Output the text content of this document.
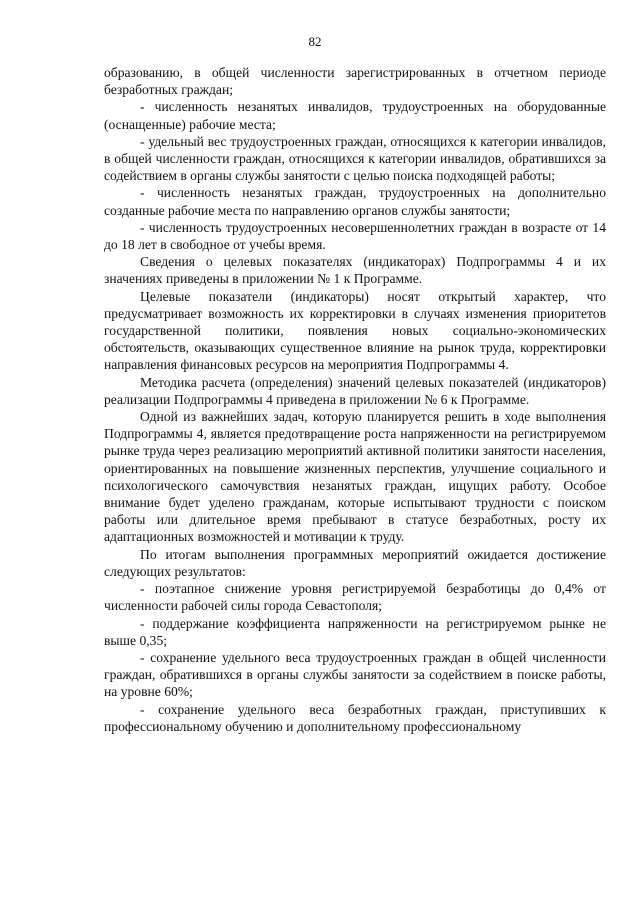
82

образованию, в общей численности зарегистрированных в отчетном периоде безработных граждан;

- численность незанятых инвалидов, трудоустроенных на оборудованные (оснащенные) рабочие места;

- удельный вес трудоустроенных граждан, относящихся к категории инвалидов, в общей численности граждан, относящихся к категории инвалидов, обратившихся за содействием в органы службы занятости с целью поиска подходящей работы;

- численность незанятых граждан, трудоустроенных на дополнительно созданные рабочие места по направлению органов службы занятости;

- численность трудоустроенных несовершеннолетних граждан в возрасте от 14 до 18 лет в свободное от учебы время.

Сведения о целевых показателях (индикаторах) Подпрограммы 4 и их значениях приведены в приложении № 1 к Программе.

Целевые показатели (индикаторы) носят открытый характер, что предусматривает возможность их корректировки в случаях изменения приоритетов государственной политики, появления новых социально-экономических обстоятельств, оказывающих существенное влияние на рынок труда, корректировки направления финансовых ресурсов на мероприятия Подпрограммы 4.

Методика расчета (определения) значений целевых показателей (индикаторов) реализации Подпрограммы 4 приведена в приложении № 6 к Программе.

Одной из важнейших задач, которую планируется решить в ходе выполнения Подпрограммы 4, является предотвращение роста напряженности на регистрируемом рынке труда через реализацию мероприятий активной политики занятости населения, ориентированных на повышение жизненных перспектив, улучшение социального и психологического самочувствия незанятых граждан, ищущих работу. Особое внимание будет уделено гражданам, которые испытывают трудности с поиском работы или длительное время пребывают в статусе безработных, росту их адаптационных возможностей и мотивации к труду.

По итогам выполнения программных мероприятий ожидается достижение следующих результатов:

- поэтапное снижение уровня регистрируемой безработицы до 0,4% от численности рабочей силы города Севастополя;

- поддержание коэффициента напряженности на регистрируемом рынке не выше 0,35;

- сохранение удельного веса трудоустроенных граждан в общей численности граждан, обратившихся в органы службы занятости за содействием в поиске работы, на уровне 60%;

- сохранение удельного веса безработных граждан, приступивших к профессиональному обучению и дополнительному профессиональному
